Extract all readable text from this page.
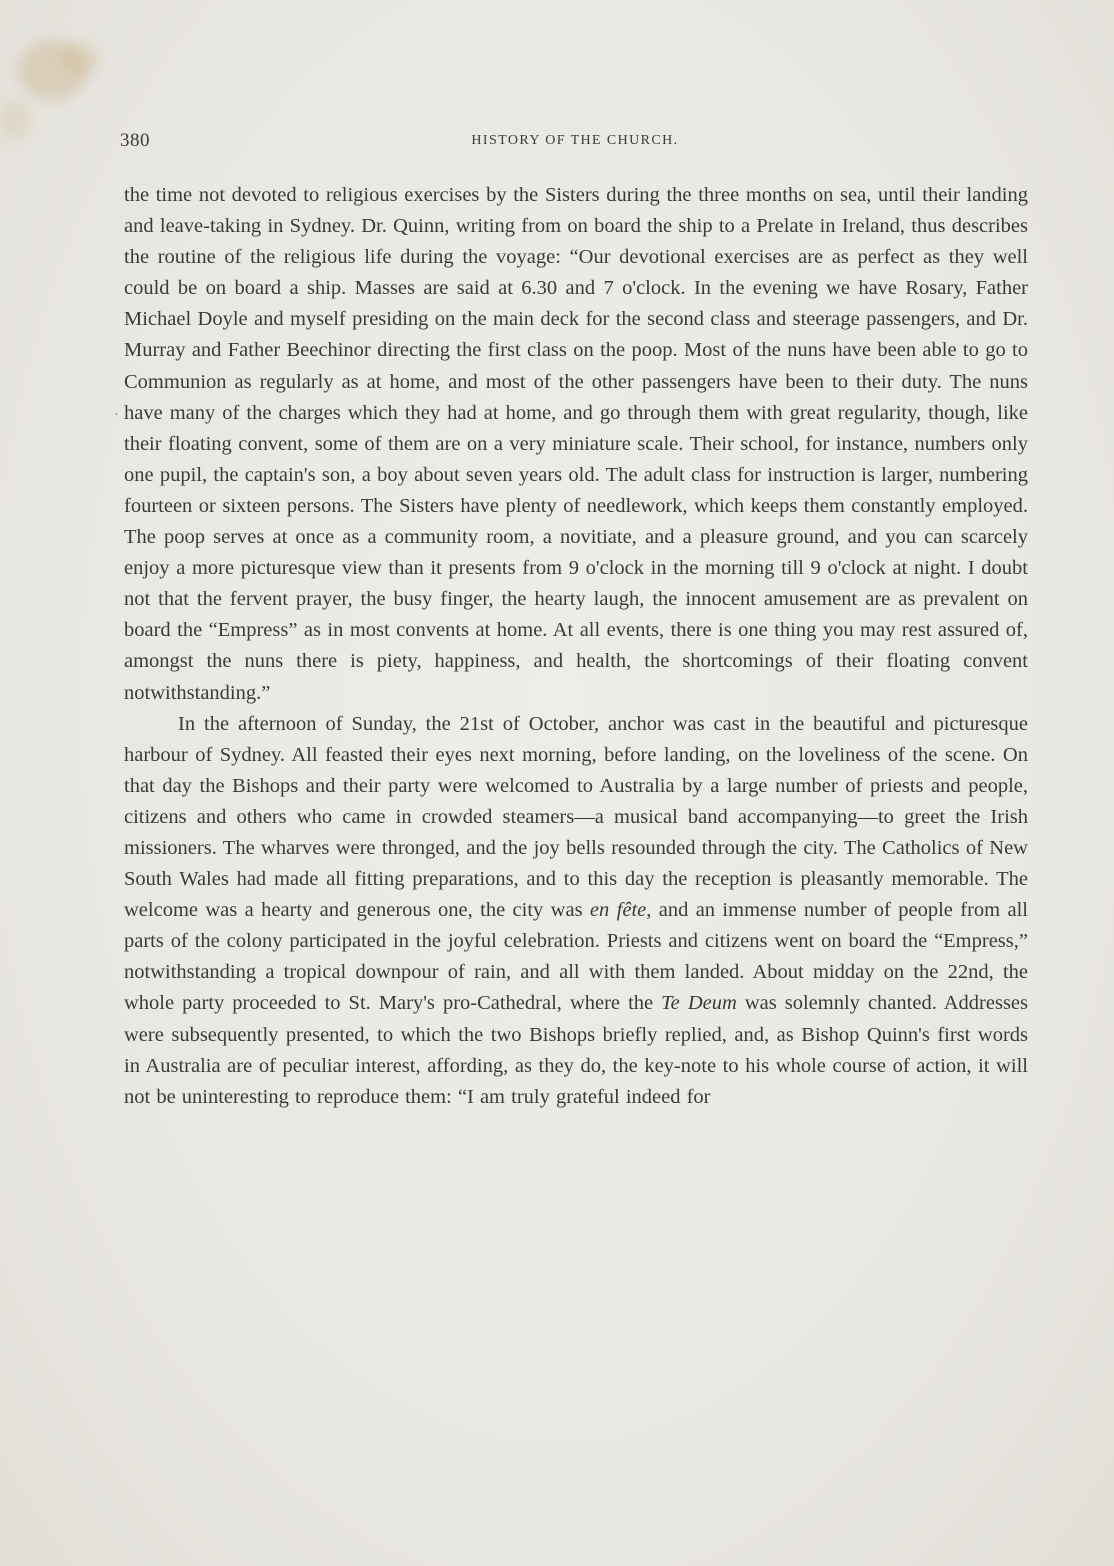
380	HISTORY OF THE CHURCH.
·

the time not devoted to religious exercises by the Sisters during the three months on sea, until their landing and leave-taking in Sydney. Dr. Quinn, writing from on board the ship to a Prelate in Ireland, thus describes the routine of the religious life during the voyage: “Our devotional exercises are as perfect as they well could be on board a ship. Masses are said at 6.30 and 7 o'clock. In the evening we have Rosary, Father Michael Doyle and myself presiding on the main deck for the second class and steerage passengers, and Dr. Murray and Father Beechinor directing the first class on the poop. Most of the nuns have been able to go to Communion as regularly as at home, and most of the other passengers have been to their duty. The nuns have many of the charges which they had at home, and go through them with great regularity, though, like their floating convent, some of them are on a very miniature scale. Their school, for instance, numbers only one pupil, the captain's son, a boy about seven years old. The adult class for instruction is larger, numbering fourteen or sixteen persons. The Sisters have plenty of needlework, which keeps them constantly employed. The poop serves at once as a community room, a novitiate, and a pleasure ground, and you can scarcely enjoy a more picturesque view than it presents from 9 o'clock in the morning till 9 o'clock at night. I doubt not that the fervent prayer, the busy finger, the hearty laugh, the innocent amusement are as prevalent on board the “Empress” as in most convents at home. At all events, there is one thing you may rest assured of, amongst the nuns there is piety, happiness, and health, the shortcomings of their floating convent notwithstanding.”

In the afternoon of Sunday, the 21st of October, anchor was cast in the beautiful and picturesque harbour of Sydney. All feasted their eyes next morning, before landing, on the loveliness of the scene. On that day the Bishops and their party were welcomed to Australia by a large number of priests and people, citizens and others who came in crowded steamers—a musical band accompanying—to greet the Irish missioners. The wharves were thronged, and the joy bells resounded through the city. The Catholics of New South Wales had made all fitting preparations, and to this day the reception is pleasantly memorable. The welcome was a hearty and generous one, the city was en fête, and an immense number of people from all parts of the colony participated in the joyful celebration. Priests and citizens went on board the “Empress,” notwithstanding a tropical downpour of rain, and all with them landed. About midday on the 22nd, the whole party proceeded to St. Mary's pro-Cathedral, where the Te Deum was solemnly chanted. Addresses were subsequently presented, to which the two Bishops briefly replied, and, as Bishop Quinn's first words in Australia are of peculiar interest, affording, as they do, the key-note to his whole course of action, it will not be uninteresting to reproduce them: “I am truly grateful indeed for
